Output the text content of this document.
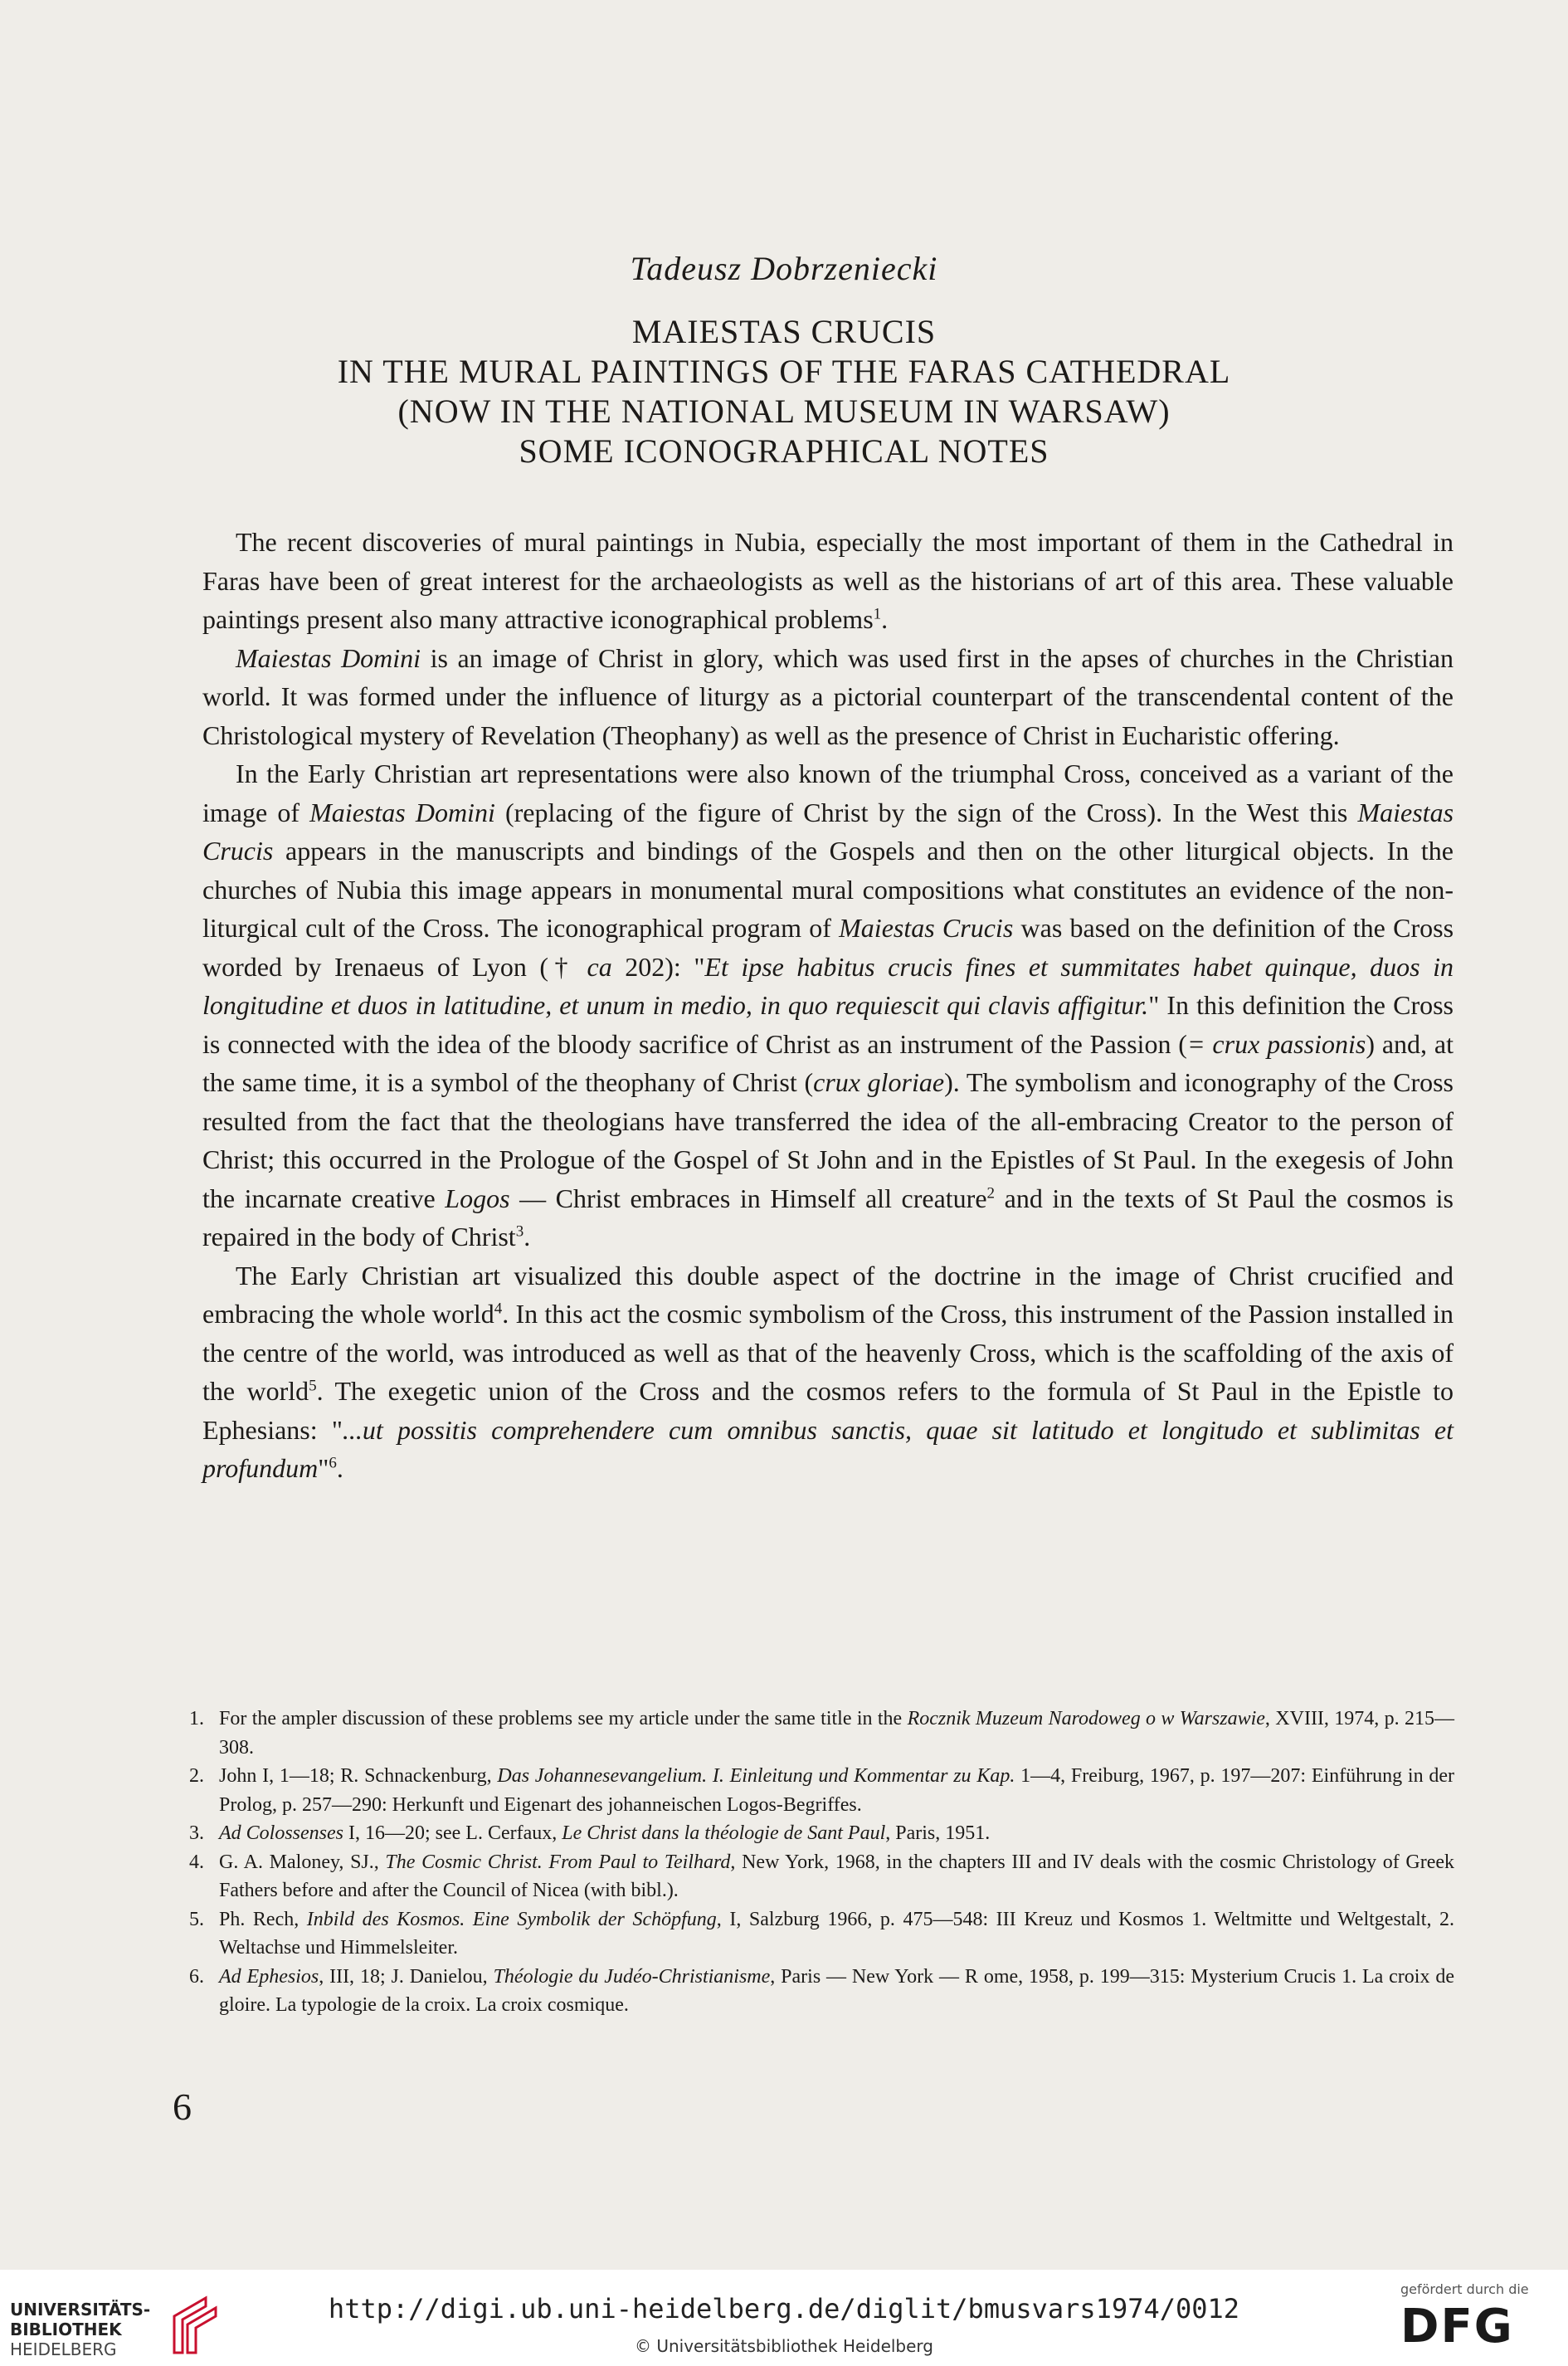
Tadeusz Dobrzeniecki
MAIESTAS CRUCIS
IN THE MURAL PAINTINGS OF THE FARAS CATHEDRAL
(NOW IN THE NATIONAL MUSEUM IN WARSAW)
SOME ICONOGRAPHICAL NOTES

The recent discoveries of mural paintings in Nubia, especially the most important of them in the Cathedral in Faras have been of great interest for the archaeologists as well as the historians of art of this area. These valuable paintings present also many attractive iconographical problems$^1$.

Maiestas Domini is an image of Christ in glory, which was used first in the apses of churches in the Christian world. It was formed under the influence of liturgy as a pictorial counterpart of the transcendental content of the Christological mystery of Revelation (Theophany) as well as the presence of Christ in Eucharistic offering.

In the Early Christian art representations were also known of the triumphal Cross, conceived as a variant of the image of Maiestas Domini (replacing of the figure of Christ by the sign of the Cross). In the West this Maiestas Crucis appears in the manuscripts and bindings of the Gospels and then on the other liturgical objects. In the churches of Nubia this image appears in monumental mural compositions what constitutes an evidence of the non-liturgical cult of the Cross. The iconographical program of Maiestas Crucis was based on the definition of the Cross worded by Irenaeus of Lyon († ca 202): "Et ipse habitus crucis fines et summitates habet quinque, duos in longitudine et duos in latitudine, et unum in medio, in quo requiescit qui clavis affigitur." In this definition the Cross is connected with the idea of the bloody sacrifice of Christ as an instrument of the Passion (= crux passionis) and, at the same time, it is a symbol of the theophany of Christ (crux gloriae). The symbolism and iconography of the Cross resulted from the fact that the theologians have transferred the idea of the all-embracing Creator to the person of Christ; this occurred in the Prologue of the Gospel of St John and in the Epistles of St Paul. In the exegesis of John the incarnate creative Logos — Christ embraces in Himself all creature$^2$ and in the texts of St Paul the cosmos is repaired in the body of Christ$^3$.

The Early Christian art visualized this double aspect of the doctrine in the image of Christ crucified and embracing the whole world$^4$. In this act the cosmic symbolism of the Cross, this instrument of the Passion installed in the centre of the world, was introduced as well as that of the heavenly Cross, which is the scaffolding of the axis of the world$^5$. The exegetic union of the Cross and the cosmos refers to the formula of St Paul in the Epistle to Ephesians: "...ut possitis comprehendere cum omnibus sanctis, quae sit latitudo et longitudo et sublimitas et profundum"$^6$.

1. For the ampler discussion of these problems see my article under the same title in the Rocznik Muzeum Narodoweg o w Warszawie, XVIII, 1974, p. 215—308.
2. John I, 1—18; R. Schnackenburg, Das Johannesevangelium. I. Einleitung und Kommentar zu Kap. 1—4, Freiburg, 1967, p. 197—207: Einführung in der Prolog, p. 257—290: Herkunft und Eigenart des johanneischen Logos-Begriffes.
3. Ad Colossenses I, 16—20; see L. Cerfaux, Le Christ dans la théologie de Sant Paul, Paris, 1951.
4. G. A. Maloney, SJ., The Cosmic Christ. From Paul to Teilhard, New York, 1968, in the chapters III and IV deals with the cosmic Christology of Greek Fathers before and after the Council of Nicea (with bibl.).
5. Ph. Rech, Inbild des Kosmos. Eine Symbolik der Schöpfung, I, Salzburg 1966, p. 475—548: III Kreuz und Kosmos 1. Weltmitte und Weltgestalt, 2. Weltachse und Himmelsleiter.
6. Ad Ephesios, III, 18; J. Danielou, Théologie du Judéo-Christianisme, Paris — New York — R ome, 1958, p. 199—315: Mysterium Crucis 1. La croix de gloire. La typologie de la croix. La croix cosmique.
6
UNIVERSITÄTS-
BIBLIOTHEK
HEIDELBERG
http://digi.ub.uni-heidelberg.de/diglit/bmusvars1974/0012
© Universitätsbibliothek Heidelberg
gefördert durch die
DFG
